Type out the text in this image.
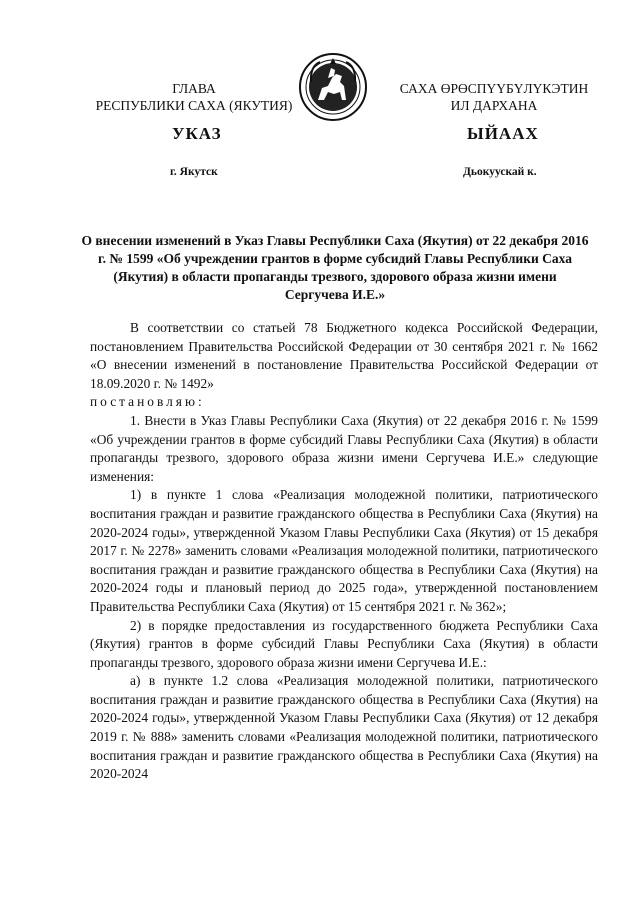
ГЛАВА
РЕСПУБЛИКИ САХА (ЯКУТИЯ)
САХА ӨРӨСПҮҮБҮЛҮКЭТИН
ИЛ ДАРХАНА
УКАЗ	ЫЙААХ
г. Якутск	Дьокуускай к.
О внесении изменений в Указ Главы Республики Саха (Якутия) от 22 декабря 2016 г. № 1599 «Об учреждении грантов в форме субсидий Главы Республики Саха (Якутия) в области пропаганды трезвого, здорового образа жизни имени Сергучева И.Е.»

В соответствии со статьей 78 Бюджетного кодекса Российской Федерации, постановлением Правительства Российской Федерации от 30 сентября 2021 г. № 1662 «О внесении изменений в постановление Правительства Российской Федерации от 18.09.2020 г. № 1492»

постановляю:

1. Внести в Указ Главы Республики Саха (Якутия) от 22 декабря 2016 г. № 1599 «Об учреждении грантов в форме субсидий Главы Республики Саха (Якутия) в области пропаганды трезвого, здорового образа жизни имени Сергучева И.Е.» следующие изменения:

1) в пункте 1 слова «Реализация молодежной политики, патриотического воспитания граждан и развитие гражданского общества в Республики Саха (Якутия) на 2020-2024 годы», утвержденной Указом Главы Республики Саха (Якутия) от 15 декабря 2017 г. № 2278» заменить словами «Реализация молодежной политики, патриотического воспитания граждан и развитие гражданского общества в Республики Саха (Якутия) на 2020-2024 годы и плановый период до 2025 года», утвержденной постановлением Правительства Республики Саха (Якутия) от 15 сентября 2021 г. № 362»;

2) в порядке предоставления из государственного бюджета Республики Саха (Якутия) грантов в форме субсидий Главы Республики Саха (Якутия) в области пропаганды трезвого, здорового образа жизни имени Сергучева И.Е.:

а) в пункте 1.2 слова «Реализация молодежной политики, патриотического воспитания граждан и развитие гражданского общества в Республики Саха (Якутия) на 2020-2024 годы», утвержденной Указом Главы Республики Саха (Якутия) от 12 декабря 2019 г. № 888» заменить словами «Реализация молодежной политики, патриотического воспитания граждан и развитие гражданского общества в Республики Саха (Якутия) на 2020-2024
